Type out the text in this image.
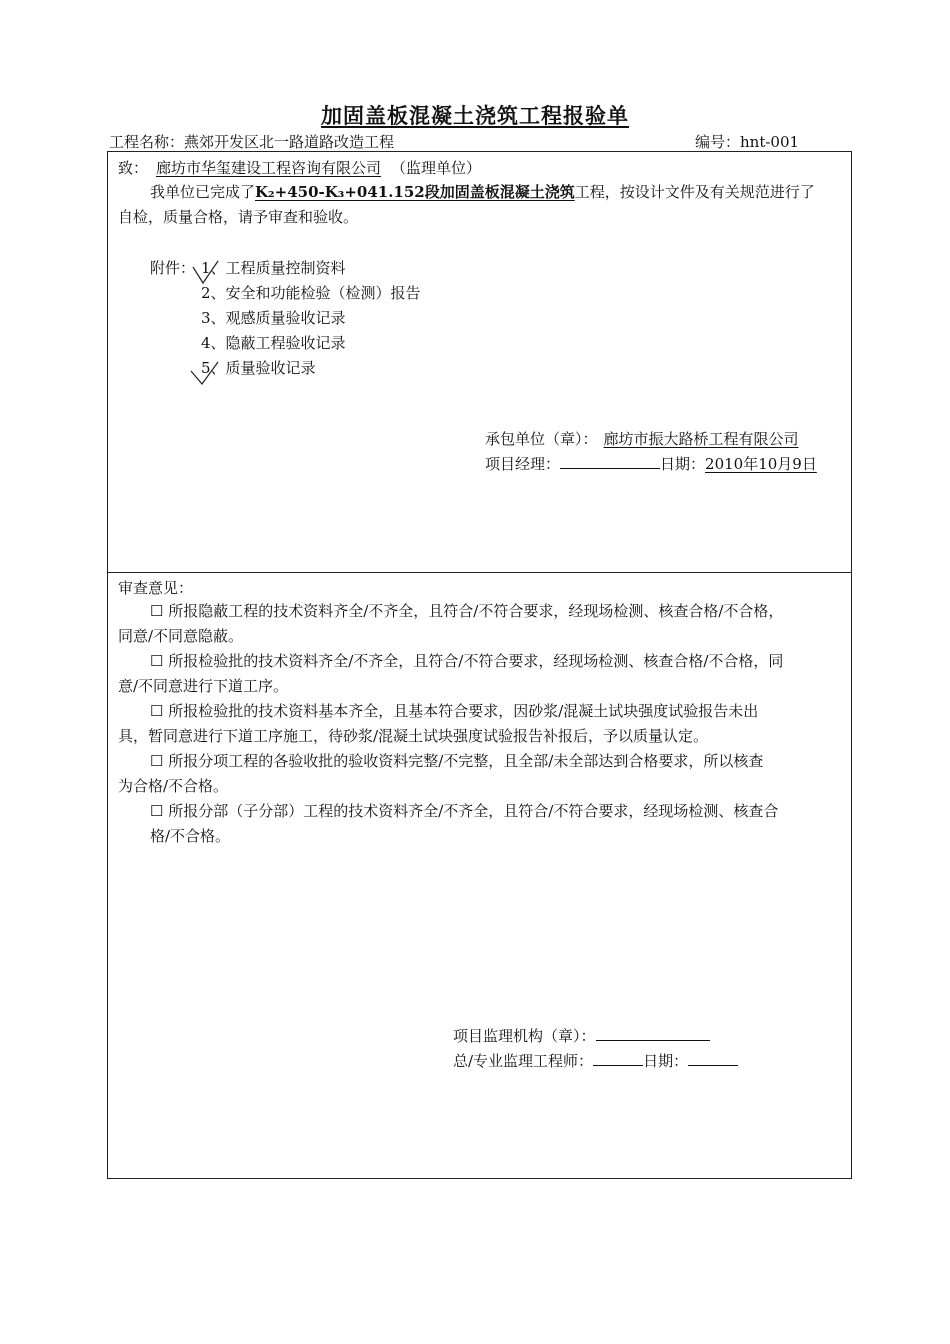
加固盖板混凝土浇筑工程报验单
工程名称：燕郊开发区北一路道路改造工程	编号：hnt-001
致： 廊坊市华玺建设工程咨询有限公司 （监理单位）
我单位已完成了K₂+450-K₃+041.152段加固盖板混凝土浇筑工程，按设计文件及有关规范进行了
自检，质量合格，请予审查和验收。
附件： 1、工程质量控制资料
2、安全和功能检验（检测）报告
3、观感质量验收记录
4、隐蔽工程验收记录
5、质量验收记录
承包单位（章）： 廊坊市振大路桥工程有限公司
项目经理：	日期：2010年10月9日
审查意见：
☐ 所报隐蔽工程的技术资料齐全/不齐全，且符合/不符合要求，经现场检测、核查合格/不合格，
同意/不同意隐蔽。
☐ 所报检验批的技术资料齐全/不齐全，且符合/不符合要求，经现场检测、核查合格/不合格，同
意/不同意进行下道工序。
☐ 所报检验批的技术资料基本齐全，且基本符合要求，因砂浆/混凝土试块强度试验报告未出
具，暂同意进行下道工序施工，待砂浆/混凝土试块强度试验报告补报后，予以质量认定。
☐ 所报分项工程的各验收批的验收资料完整/不完整，且全部/未全部达到合格要求，所以核查
为合格/不合格。
☐ 所报分部（子分部）工程的技术资料齐全/不齐全，且符合/不符合要求，经现场检测、核查合
格/不合格。
项目监理机构（章）：
总/专业监理工程师：	日期：
